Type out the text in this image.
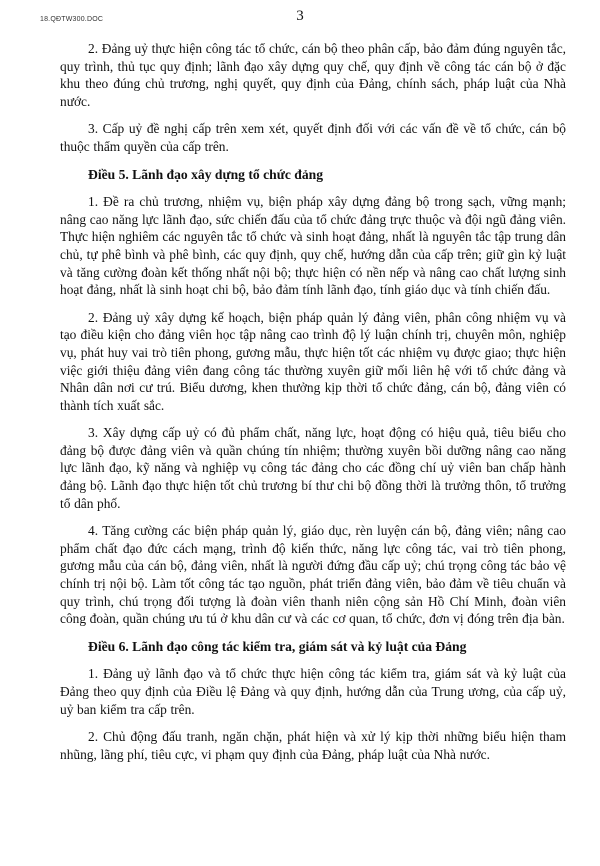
18.QĐTW300.DOC	3

2. Đảng uỷ thực hiện công tác tổ chức, cán bộ theo phân cấp, bảo đảm đúng nguyên tắc, quy trình, thủ tục quy định; lãnh đạo xây dựng quy chế, quy định về công tác cán bộ ở đặc khu theo đúng chủ trương, nghị quyết, quy định của Đảng, chính sách, pháp luật của Nhà nước.

3. Cấp uỷ đề nghị cấp trên xem xét, quyết định đối với các vấn đề về tổ chức, cán bộ thuộc thẩm quyền của cấp trên.

Điều 5. Lãnh đạo xây dựng tổ chức đảng

1. Đề ra chủ trương, nhiệm vụ, biện pháp xây dựng đảng bộ trong sạch, vững mạnh; nâng cao năng lực lãnh đạo, sức chiến đấu của tổ chức đảng trực thuộc và đội ngũ đảng viên. Thực hiện nghiêm các nguyên tắc tổ chức và sinh hoạt đảng, nhất là nguyên tắc tập trung dân chủ, tự phê bình và phê bình, các quy định, quy chế, hướng dẫn của cấp trên; giữ gìn kỷ luật và tăng cường đoàn kết thống nhất nội bộ; thực hiện có nền nếp và nâng cao chất lượng sinh hoạt đảng, nhất là sinh hoạt chi bộ, bảo đảm tính lãnh đạo, tính giáo dục và tính chiến đấu.

2. Đảng uỷ xây dựng kế hoạch, biện pháp quản lý đảng viên, phân công nhiệm vụ và tạo điều kiện cho đảng viên học tập nâng cao trình độ lý luận chính trị, chuyên môn, nghiệp vụ, phát huy vai trò tiên phong, gương mẫu, thực hiện tốt các nhiệm vụ được giao; thực hiện việc giới thiệu đảng viên đang công tác thường xuyên giữ mối liên hệ với tổ chức đảng và Nhân dân nơi cư trú. Biểu dương, khen thưởng kịp thời tổ chức đảng, cán bộ, đảng viên có thành tích xuất sắc.

3. Xây dựng cấp uỷ có đủ phẩm chất, năng lực, hoạt động có hiệu quả, tiêu biểu cho đảng bộ được đảng viên và quần chúng tín nhiệm; thường xuyên bồi dưỡng nâng cao năng lực lãnh đạo, kỹ năng và nghiệp vụ công tác đảng cho các đồng chí uỷ viên ban chấp hành đảng bộ. Lãnh đạo thực hiện tốt chủ trương bí thư chi bộ đồng thời là trưởng thôn, tổ trưởng tổ dân phố.

4. Tăng cường các biện pháp quản lý, giáo dục, rèn luyện cán bộ, đảng viên; nâng cao phẩm chất đạo đức cách mạng, trình độ kiến thức, năng lực công tác, vai trò tiên phong, gương mẫu của cán bộ, đảng viên, nhất là người đứng đầu cấp uỷ; chú trọng công tác bảo vệ chính trị nội bộ. Làm tốt công tác tạo nguồn, phát triển đảng viên, bảo đảm về tiêu chuẩn và quy trình, chú trọng đối tượng là đoàn viên thanh niên cộng sản Hồ Chí Minh, đoàn viên công đoàn, quần chúng ưu tú ở khu dân cư và các cơ quan, tổ chức, đơn vị đóng trên địa bàn.

Điều 6. Lãnh đạo công tác kiểm tra, giám sát và kỷ luật của Đảng

1. Đảng uỷ lãnh đạo và tổ chức thực hiện công tác kiểm tra, giám sát và kỷ luật của Đảng theo quy định của Điều lệ Đảng và quy định, hướng dẫn của Trung ương, của cấp uỷ, uỷ ban kiểm tra cấp trên.

2. Chủ động đấu tranh, ngăn chặn, phát hiện và xử lý kịp thời những biểu hiện tham nhũng, lãng phí, tiêu cực, vi phạm quy định của Đảng, pháp luật của Nhà nước.
